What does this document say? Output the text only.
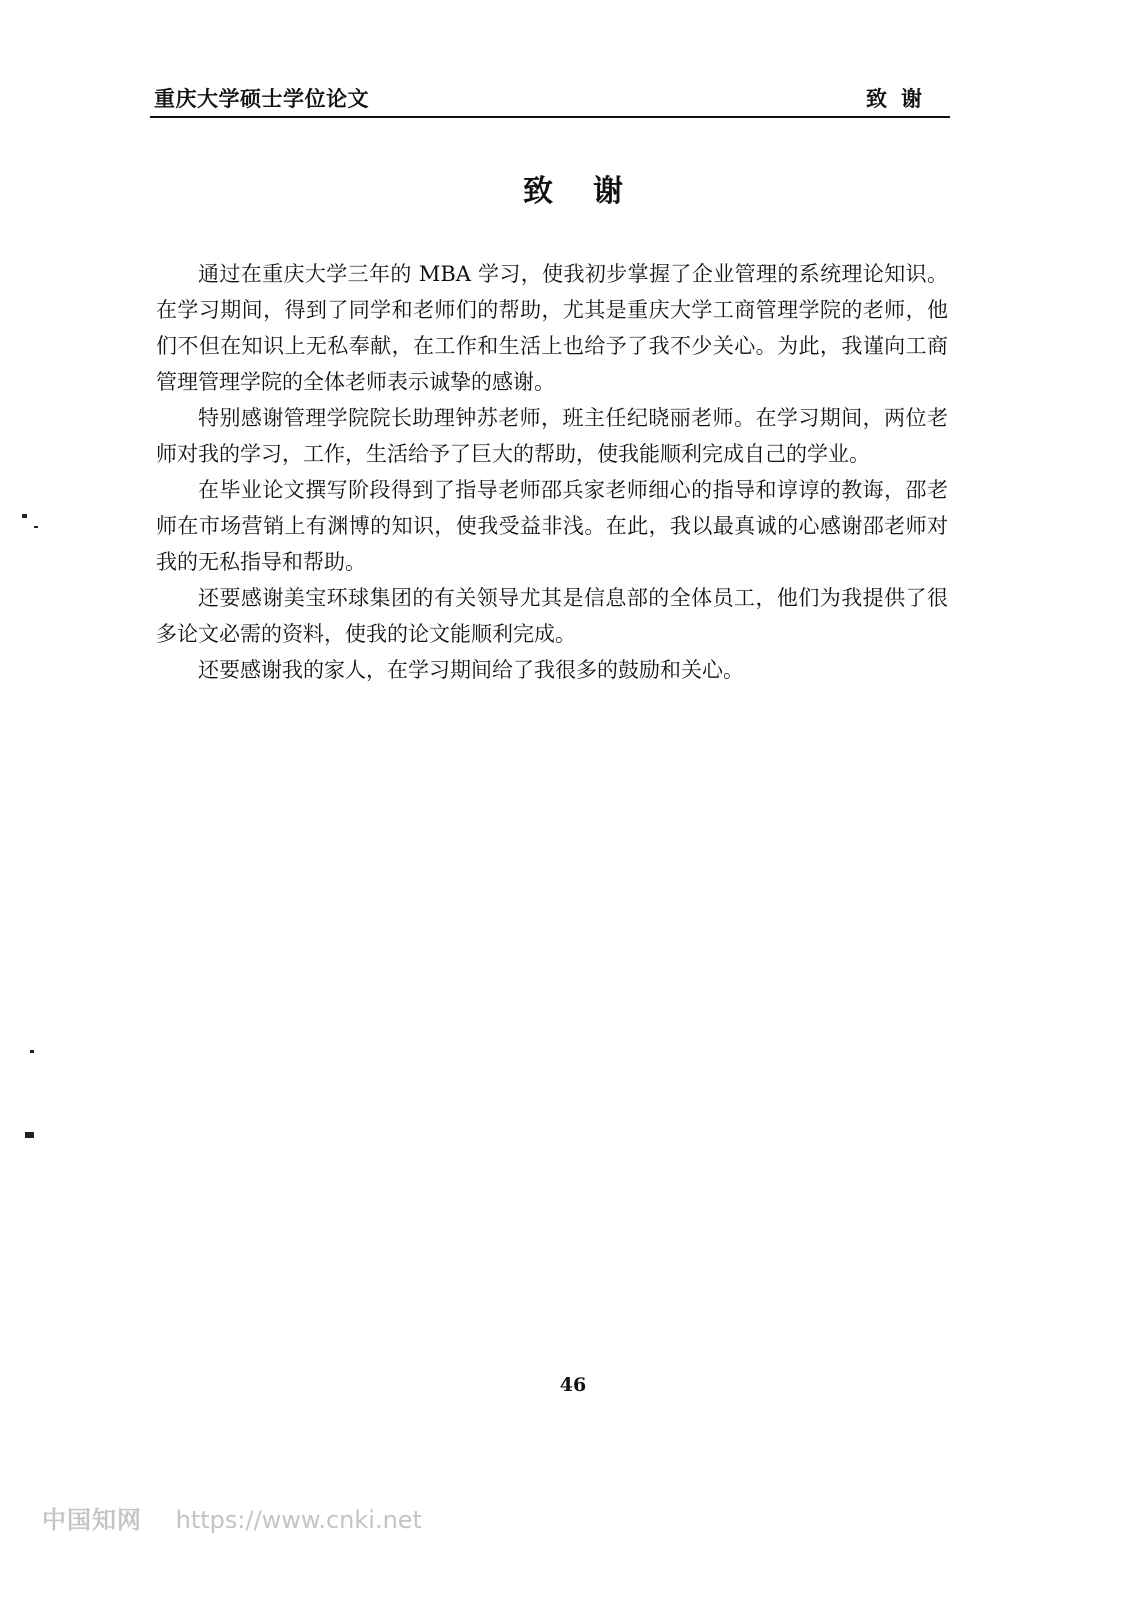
重庆大学硕士学位论文	致谢
致谢

通过在重庆大学三年的 MBA 学习，使我初步掌握了企业管理的系统理论知识。在学习期间，得到了同学和老师们的帮助，尤其是重庆大学工商管理学院的老师，他们不但在知识上无私奉献，在工作和生活上也给予了我不少关心。为此，我谨向工商管理管理学院的全体老师表示诚挚的感谢。

特别感谢管理学院院长助理钟苏老师，班主任纪晓丽老师。在学习期间，两位老师对我的学习，工作，生活给予了巨大的帮助，使我能顺利完成自己的学业。

在毕业论文撰写阶段得到了指导老师邵兵家老师细心的指导和谆谆的教诲，邵老师在市场营销上有渊博的知识，使我受益非浅。在此，我以最真诚的心感谢邵老师对我的无私指导和帮助。

还要感谢美宝环球集团的有关领导尤其是信息部的全体员工，他们为我提供了很多论文必需的资料，使我的论文能顺利完成。

还要感谢我的家人，在学习期间给了我很多的鼓励和关心。

46
中国知网 https://www.cnki.net
